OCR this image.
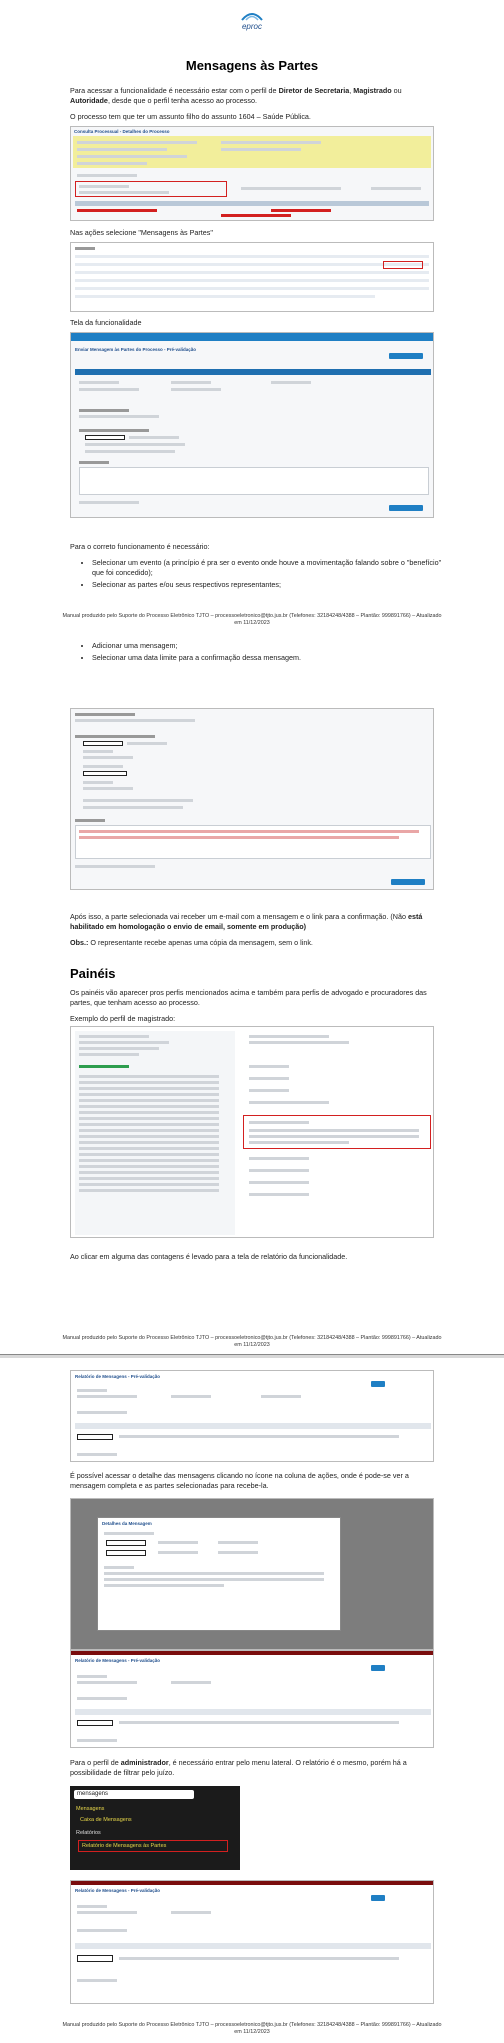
eproc
Mensagens às Partes
Para acessar a funcionalidade é necessário estar com o perfil de Diretor de Secretaria, Magistrado ou Autoridade, desde que o perfil tenha acesso ao processo.
O processo tem que ter um assunto filho do assunto 1604 – Saúde Pública.
Consulta Processual - Detalhes do Processo
Nas ações selecione "Mensagens às Partes"
Tela da funcionalidade
Enviar Mensagem às Partes do Processo - Pré-validação
Para o correto funcionamento é necessário:
• Selecionar um evento (a princípio é pra ser o evento onde houve a movimentação falando sobre o "benefício" que foi concedido);
• Selecionar as partes e/ou seus respectivos representantes;
Manual produzido pelo Suporte do Processo Eletrônico TJTO – processoeletronico@tjto.jus.br (Telefones: 32184248/4388 – Plantão: 999891766) – Atualizado em 11/12/2023
• Adicionar uma mensagem;
• Selecionar uma data limite para a confirmação dessa mensagem.
Após isso, a parte selecionada vai receber um e-mail com a mensagem e o link para a confirmação. (Não está habilitado em homologação o envio de email, somente em produção)
Obs.: O representante recebe apenas uma cópia da mensagem, sem o link.
Painéis
Os painéis vão aparecer pros perfis mencionados acima e também para perfis de advogado e procuradores das partes, que tenham acesso ao processo.
Exemplo do perfil de magistrado:
Ao clicar em alguma das contagens é levado para a tela de relatório da funcionalidade.
Manual produzido pelo Suporte do Processo Eletrônico TJTO – processoeletronico@tjto.jus.br (Telefones: 32184248/4388 – Plantão: 999891766) – Atualizado em 11/12/2023
Relatório de Mensagens - Pré-validação
É possível acessar o detalhe das mensagens clicando no ícone na coluna de ações, onde é pode-se ver a mensagem completa e as partes selecionadas para recebe-la.
Detalhes da Mensagem
Relatório de Mensagens - Pré-validação
Para o perfil de administrador, é necessário entrar pelo menu lateral. O relatório é o mesmo, porém há a possibilidade de filtrar pelo juízo.
mensagens
Mensagens
Caixa de Mensagens
Relatórios
Relatório de Mensagens às Partes
Relatório de Mensagens - Pré-validação
Manual produzido pelo Suporte do Processo Eletrônico TJTO – processoeletronico@tjto.jus.br (Telefones: 32184248/4388 – Plantão: 999891766) – Atualizado em 11/12/2023
